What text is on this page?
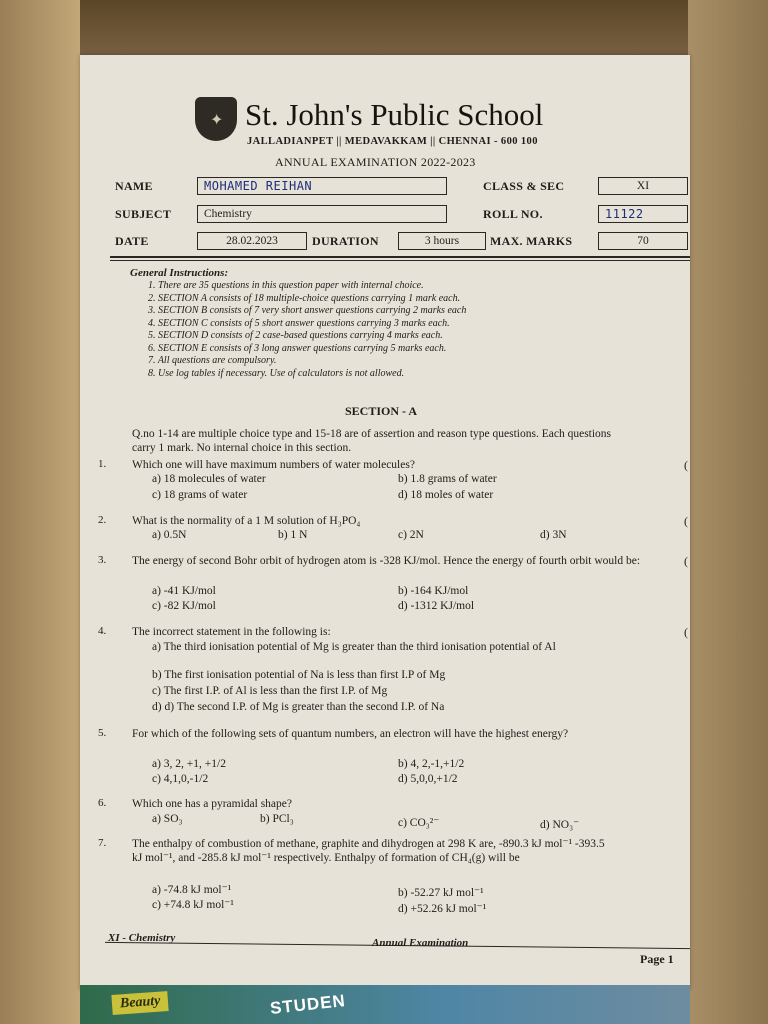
✦ St. John's Public School
JALLADIANPET || MEDAVAKKAM || CHENNAI - 600 100
ANNUAL EXAMINATION 2022-2023
NAME	MOHAMED REIHAN	CLASS & SEC	XI
SUBJECT	Chemistry	ROLL NO.	11122
DATE	28.02.2023	DURATION	3 hours	MAX. MARKS	70
General Instructions:
1. There are 35 questions in this question paper with internal choice.
2. SECTION A consists of 18 multiple-choice questions carrying 1 mark each.
3. SECTION B consists of 7 very short answer questions carrying 2 marks each
4. SECTION C consists of 5 short answer questions carrying 3 marks each.
5. SECTION D consists of 2 case-based questions carrying 4 marks each.
6. SECTION E consists of 3 long answer questions carrying 5 marks each.
7. All questions are compulsory.
8. Use log tables if necessary. Use of calculators is not allowed.
SECTION - A
Q.no 1-14 are multiple choice type and 15-18 are of assertion and reason type questions. Each questions carry 1 mark. No internal choice in this section.
1. Which one will have maximum numbers of water molecules?	(
a) 18 molecules of water	b) 1.8 grams of water
c) 18 grams of water	d) 18 moles of water
2. What is the normality of a 1 M solution of H₃PO₄	(
a) 0.5N	b) 1 N	c) 2N	d) 3N
3. The energy of second Bohr orbit of hydrogen atom is -328 KJ/mol. Hence the energy of fourth orbit would be:	(
a) -41 KJ/mol	b) -164 KJ/mol
c) -82 KJ/mol	d) -1312 KJ/mol
4. The incorrect statement in the following is:	(
a) The third ionisation potential of Mg is greater than the third ionisation potential of Al
b) The first ionisation potential of Na is less than first I.P of Mg
c) The first I.P. of Al is less than the first I.P. of Mg
d) d) The second I.P. of Mg is greater than the second I.P. of Na
5. For which of the following sets of quantum numbers, an electron will have the highest energy?
a) 3, 2, +1, +1/2	b) 4, 2,-1,+1/2
c) 4,1,0,-1/2	d) 5,0,0,+1/2
6. Which one has a pyramidal shape?
a) SO₃	b) PCl₃	c) CO₃²⁻	d) NO₃⁻
7. The enthalpy of combustion of methane, graphite and dihydrogen at 298 K are, -890.3 kJ mol⁻¹ -393.5 kJ mol⁻¹, and -285.8 kJ mol⁻¹ respectively. Enthalpy of formation of CH₄(g) will be
a) -74.8 kJ mol⁻¹	b) -52.27 kJ mol⁻¹
c) +74.8 kJ mol⁻¹	d) +52.26 kJ mol⁻¹
XI - Chemistry	Annual Examination
Page 1
Beauty	STUDEN
